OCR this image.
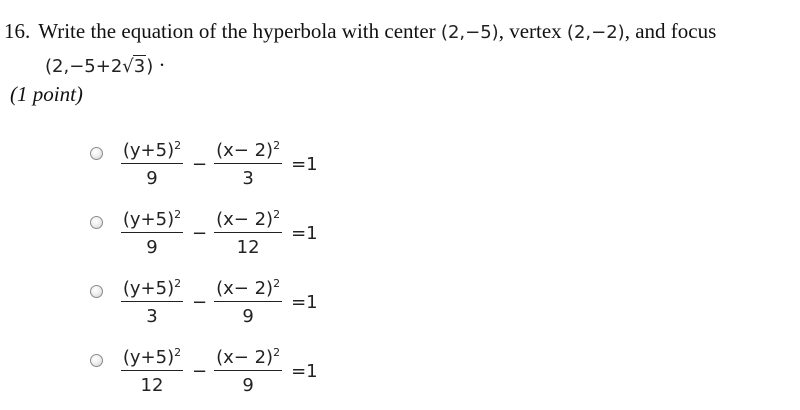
16. Write the equation of the hyperbola with center (2,−5), vertex (2,−2), and focus
(2,−5+2√3) ·
(1 point)
$\frac{(y+5)^2}{9} - \frac{(x- 2)^2}{3} =1$
$\frac{(y+5)^2}{9} - \frac{(x- 2)^2}{12} =1$
$\frac{(y+5)^2}{3} - \frac{(x- 2)^2}{9} =1$
$\frac{(y+5)^2}{12} - \frac{(x- 2)^2}{9} =1$
